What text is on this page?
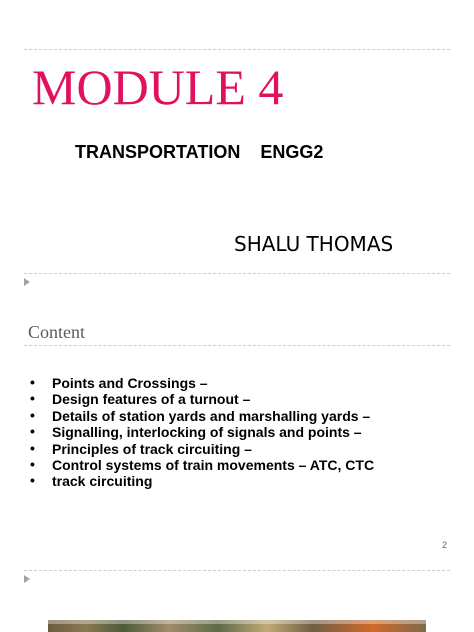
MODULE 4
TRANSPORTATION    ENGG2
SHALU THOMAS
Content
• Points and Crossings –
• Design features of a turnout –
• Details of station yards and marshalling yards –
• Signalling, interlocking of signals and points –
• Principles of track circuiting –
• Control systems of train movements – ATC, CTC
• track circuiting
2
